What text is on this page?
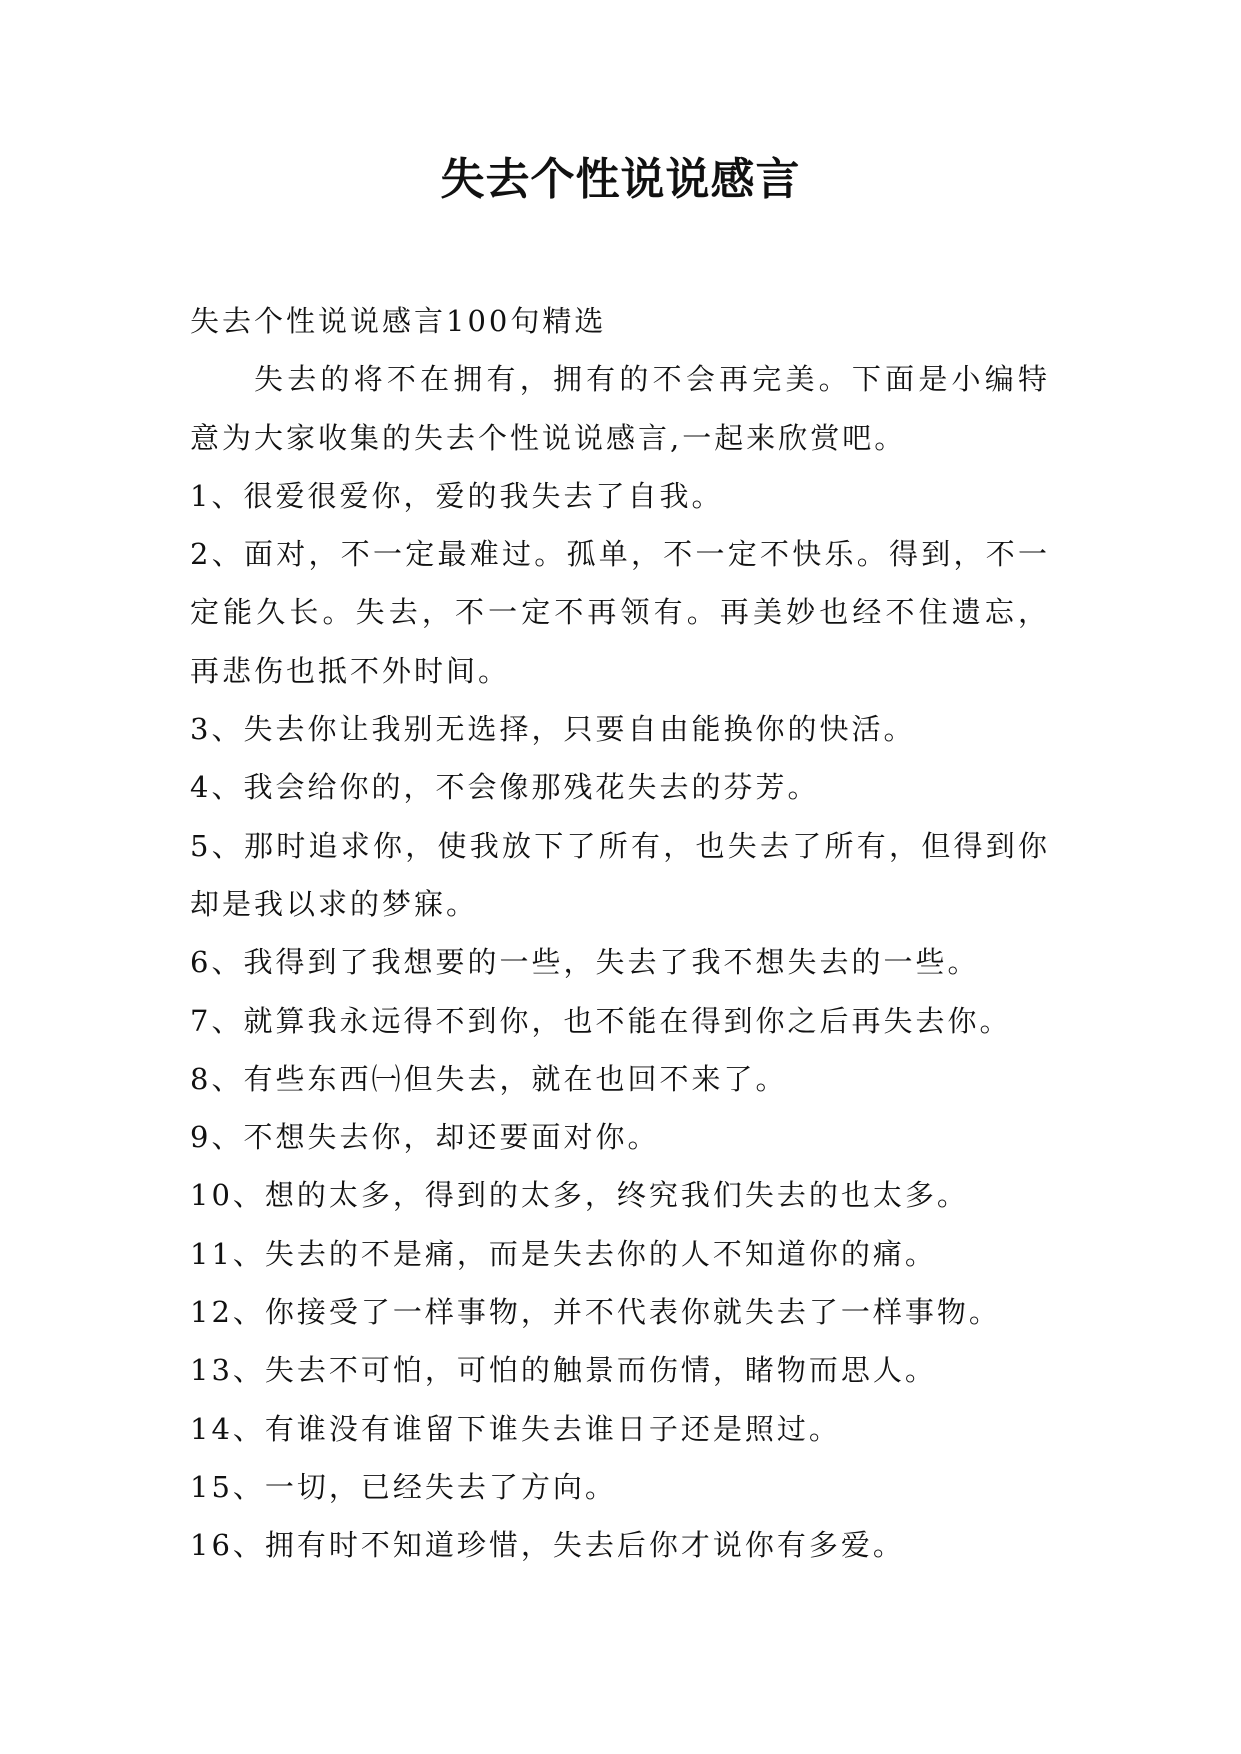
失去个性说说感言

失去个性说说感言100句精选

失去的将不在拥有，拥有的不会再完美。下面是小编特意为大家收集的失去个性说说感言,一起来欣赏吧。

1、很爱很爱你，爱的我失去了自我。

2、面对，不一定最难过。孤单，不一定不快乐。得到，不一定能久长。失去，不一定不再领有。再美妙也经不住遗忘，再悲伤也抵不外时间。

3、失去你让我别无选择，只要自由能换你的快活。

4、我会给你的，不会像那残花失去的芬芳。

5、那时追求你，使我放下了所有，也失去了所有，但得到你却是我以求的梦寐。

6、我得到了我想要的一些，失去了我不想失去的一些。

7、就算我永远得不到你，也不能在得到你之后再失去你。

8、有些东西㈠但失去，就在也回不来了。

9、不想失去你，却还要面对你。

10、想的太多，得到的太多，终究我们失去的也太多。

11、失去的不是痛，而是失去你的人不知道你的痛。

12、你接受了一样事物，并不代表你就失去了一样事物。

13、失去不可怕，可怕的触景而伤情，睹物而思人。

14、有谁没有谁留下谁失去谁日子还是照过。

15、一切，已经失去了方向。

16、拥有时不知道珍惜，失去后你才说你有多爱。
